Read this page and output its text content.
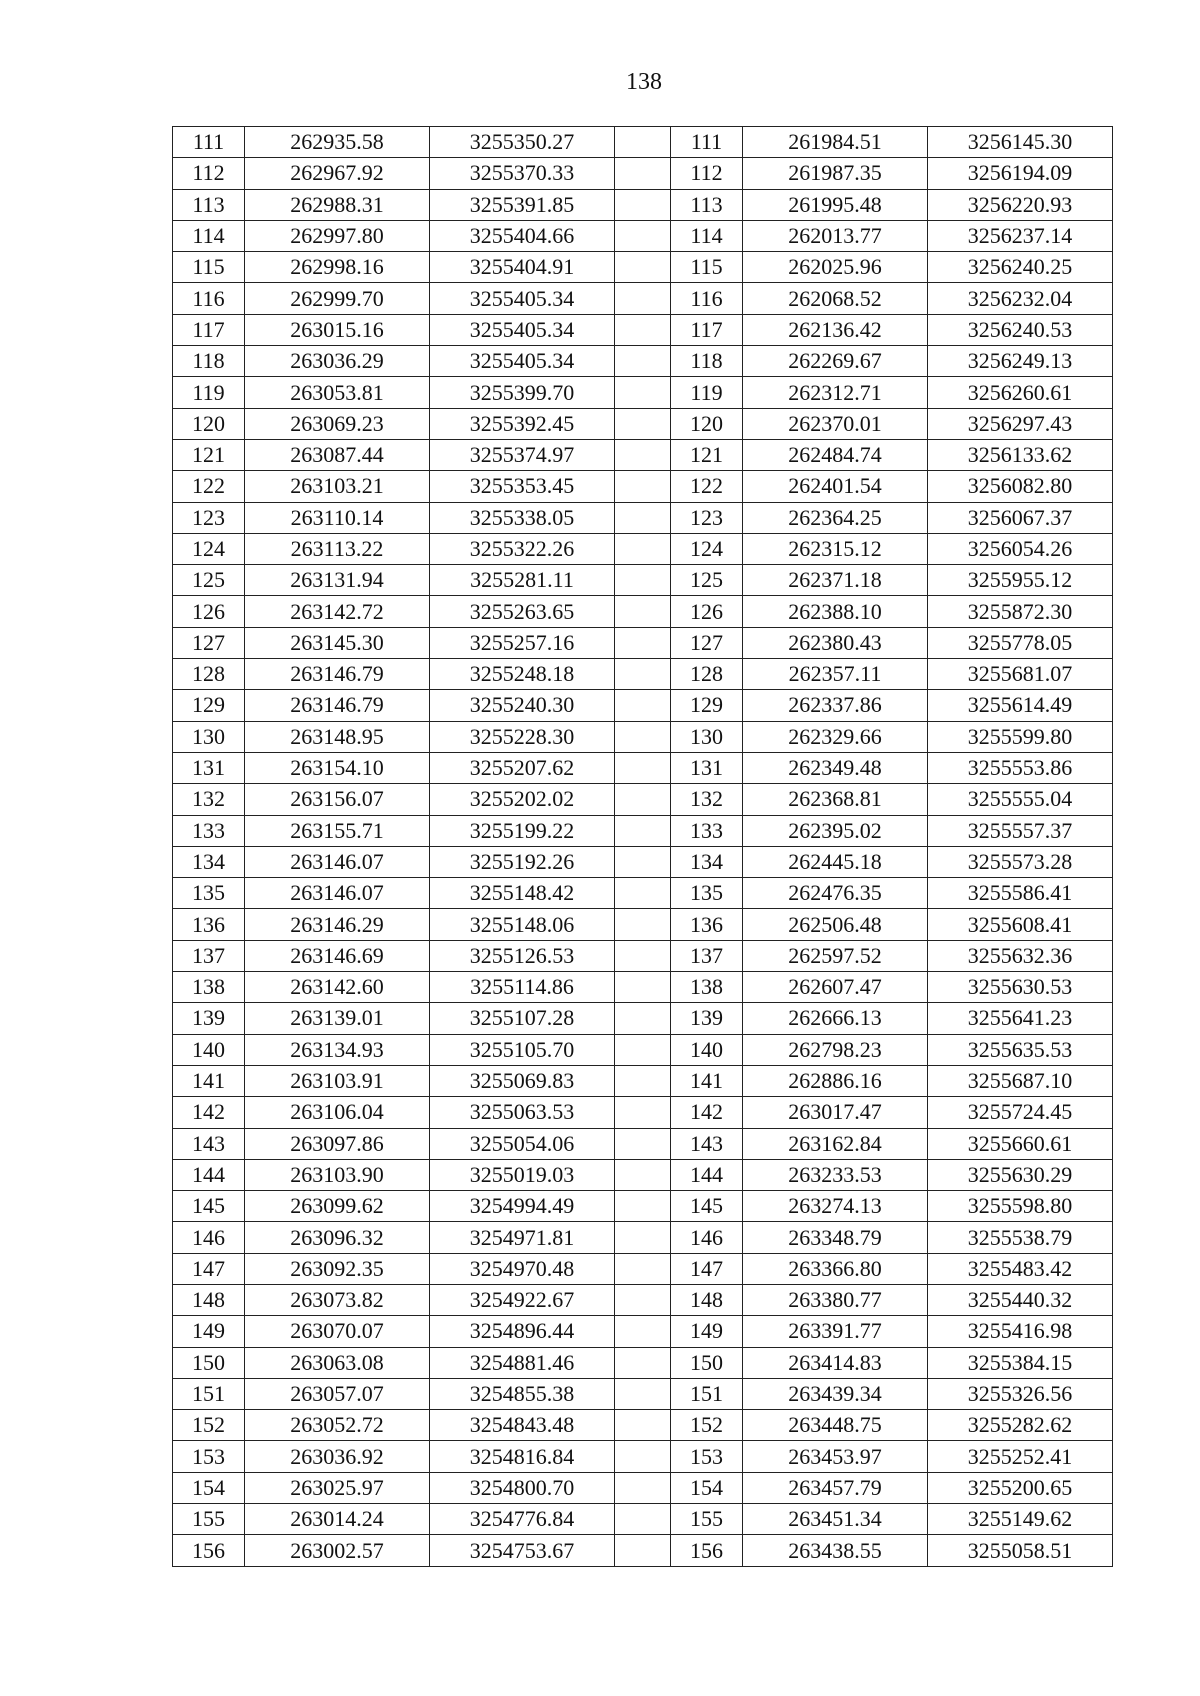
138
111	262935.58	3255350.27		111	261984.51	3256145.30
112	262967.92	3255370.33		112	261987.35	3256194.09
113	262988.31	3255391.85		113	261995.48	3256220.93
114	262997.80	3255404.66		114	262013.77	3256237.14
115	262998.16	3255404.91		115	262025.96	3256240.25
116	262999.70	3255405.34		116	262068.52	3256232.04
117	263015.16	3255405.34		117	262136.42	3256240.53
118	263036.29	3255405.34		118	262269.67	3256249.13
119	263053.81	3255399.70		119	262312.71	3256260.61
120	263069.23	3255392.45		120	262370.01	3256297.43
121	263087.44	3255374.97		121	262484.74	3256133.62
122	263103.21	3255353.45		122	262401.54	3256082.80
123	263110.14	3255338.05		123	262364.25	3256067.37
124	263113.22	3255322.26		124	262315.12	3256054.26
125	263131.94	3255281.11		125	262371.18	3255955.12
126	263142.72	3255263.65		126	262388.10	3255872.30
127	263145.30	3255257.16		127	262380.43	3255778.05
128	263146.79	3255248.18		128	262357.11	3255681.07
129	263146.79	3255240.30		129	262337.86	3255614.49
130	263148.95	3255228.30		130	262329.66	3255599.80
131	263154.10	3255207.62		131	262349.48	3255553.86
132	263156.07	3255202.02		132	262368.81	3255555.04
133	263155.71	3255199.22		133	262395.02	3255557.37
134	263146.07	3255192.26		134	262445.18	3255573.28
135	263146.07	3255148.42		135	262476.35	3255586.41
136	263146.29	3255148.06		136	262506.48	3255608.41
137	263146.69	3255126.53		137	262597.52	3255632.36
138	263142.60	3255114.86		138	262607.47	3255630.53
139	263139.01	3255107.28		139	262666.13	3255641.23
140	263134.93	3255105.70		140	262798.23	3255635.53
141	263103.91	3255069.83		141	262886.16	3255687.10
142	263106.04	3255063.53		142	263017.47	3255724.45
143	263097.86	3255054.06		143	263162.84	3255660.61
144	263103.90	3255019.03		144	263233.53	3255630.29
145	263099.62	3254994.49		145	263274.13	3255598.80
146	263096.32	3254971.81		146	263348.79	3255538.79
147	263092.35	3254970.48		147	263366.80	3255483.42
148	263073.82	3254922.67		148	263380.77	3255440.32
149	263070.07	3254896.44		149	263391.77	3255416.98
150	263063.08	3254881.46		150	263414.83	3255384.15
151	263057.07	3254855.38		151	263439.34	3255326.56
152	263052.72	3254843.48		152	263448.75	3255282.62
153	263036.92	3254816.84		153	263453.97	3255252.41
154	263025.97	3254800.70		154	263457.79	3255200.65
155	263014.24	3254776.84		155	263451.34	3255149.62
156	263002.57	3254753.67		156	263438.55	3255058.51
